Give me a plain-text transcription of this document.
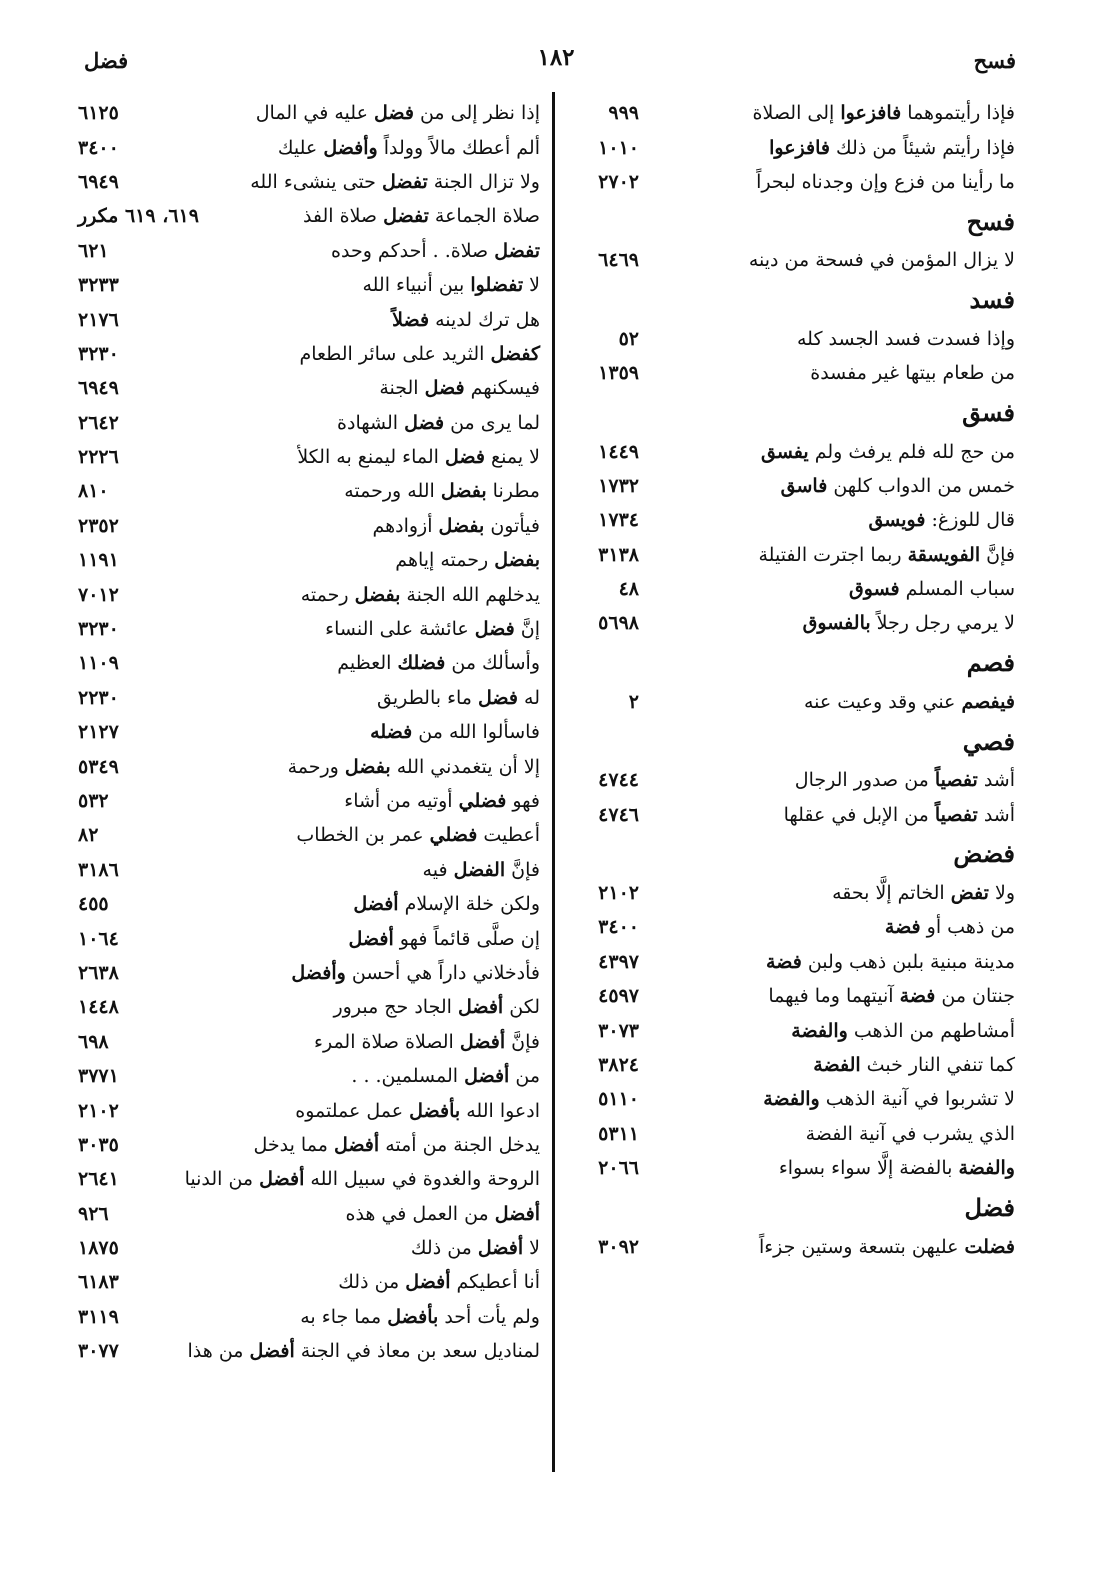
فسح
١٨٢
فضل
فإذا رأيتموهما فافزعوا إلى الصلاة
٩٩٩
فإذا رأيتم شيئاً من ذلك فافزعوا
١٠١٠
ما رأينا من فزع وإن وجدناه لبحراً
٢٧٠٢
فسح
لا يزال المؤمن في فسحة من دينه
٦٤٦٩
فسد
وإذا فسدت فسد الجسد كله
٥٢
من طعام بيتها غير مفسدة
١٣٥٩
فسق
من حج لله فلم يرفث ولم يفسق
١٤٤٩
خمس من الدواب كلهن فاسق
١٧٣٢
قال للوزغ: فويسق
١٧٣٤
فإنَّ الفويسقة ربما اجترت الفتيلة
٣١٣٨
سباب المسلم فسوق
٤٨
لا يرمي رجل رجلاً بالفسوق
٥٦٩٨
فصم
فيفصم عني وقد وعيت عنه
٢
فصي
أشد تفصياً من صدور الرجال
٤٧٤٤
أشد تفصياً من الإبل في عقلها
٤٧٤٦
فضض
ولا تفض الخاتم إلَّا بحقه
٢١٠٢
من ذهب أو فضة
٣٤٠٠
مدينة مبنية بلبن ذهب ولبن فضة
٤٣٩٧
جنتان من فضة آنيتهما وما فيهما
٤٥٩٧
أمشاطهم من الذهب والفضة
٣٠٧٣
كما تنفي النار خبث الفضة
٣٨٢٤
لا تشربوا في آنية الذهب والفضة
٥١١٠
الذي يشرب في آنية الفضة
٥٣١١
والفضة بالفضة إلَّا سواء بسواء
٢٠٦٦
فضل
فضلت عليهن بتسعة وستين جزءاً
٣٠٩٢
إذا نظر إلى من فضل عليه في المال
٦١٢٥
ألم أعطك مالاً وولداً وأفضل عليك
٣٤٠٠
ولا تزال الجنة تفضل حتى ينشىء الله
٦٩٤٩
صلاة الجماعة تفضل صلاة الفذ
٦١٩، ٦١٩ مكرر
تفضل صلاة. . أحدكم وحده
٦٢١
لا تفضلوا بين أنبياء الله
٣٢٣٣
هل ترك لدينه فضلاً
٢١٧٦
كفضل الثريد على سائر الطعام
٣٢٣٠
فيسكنهم فضل الجنة
٦٩٤٩
لما يرى من فضل الشهادة
٢٦٤٢
لا يمنع فضل الماء ليمنع به الكلأ
٢٢٢٦
مطرنا بفضل الله ورحمته
٨١٠
فيأتون بفضل أزوادهم
٢٣٥٢
بفضل رحمته إياهم
١١٩١
يدخلهم الله الجنة بفضل رحمته
٧٠١٢
إنَّ فضل عائشة على النساء
٣٢٣٠
وأسألك من فضلك العظيم
١١٠٩
له فضل ماء بالطريق
٢٢٣٠
فاسألوا الله من فضله
٢١٢٧
إلا أن يتغمدني الله بفضل ورحمة
٥٣٤٩
فهو فضلي أوتيه من أشاء
٥٣٢
أعطيت فضلي عمر بن الخطاب
٨٢
فإنَّ الفضل فيه
٣١٨٦
ولكن خلة الإسلام أفضل
٤٥٥
إن صلَّى قائماً فهو أفضل
١٠٦٤
فأدخلاني داراً هي أحسن وأفضل
٢٦٣٨
لكن أفضل الجاد حج مبرور
١٤٤٨
فإنَّ أفضل الصلاة صلاة المرء
٦٩٨
من أفضل المسلمين. . .
٣٧٧١
ادعوا الله بأفضل عمل عملتموه
٢١٠٢
يدخل الجنة من أمته أفضل مما يدخل
٣٠٣٥
الروحة والغدوة في سبيل الله أفضل من الدنيا
٢٦٤١
أفضل من العمل في هذه
٩٢٦
لا أفضل من ذلك
١٨٧٥
أنا أعطيكم أفضل من ذلك
٦١٨٣
ولم يأت أحد بأفضل مما جاء به
٣١١٩
لمناديل سعد بن معاذ في الجنة أفضل من هذا
٣٠٧٧
